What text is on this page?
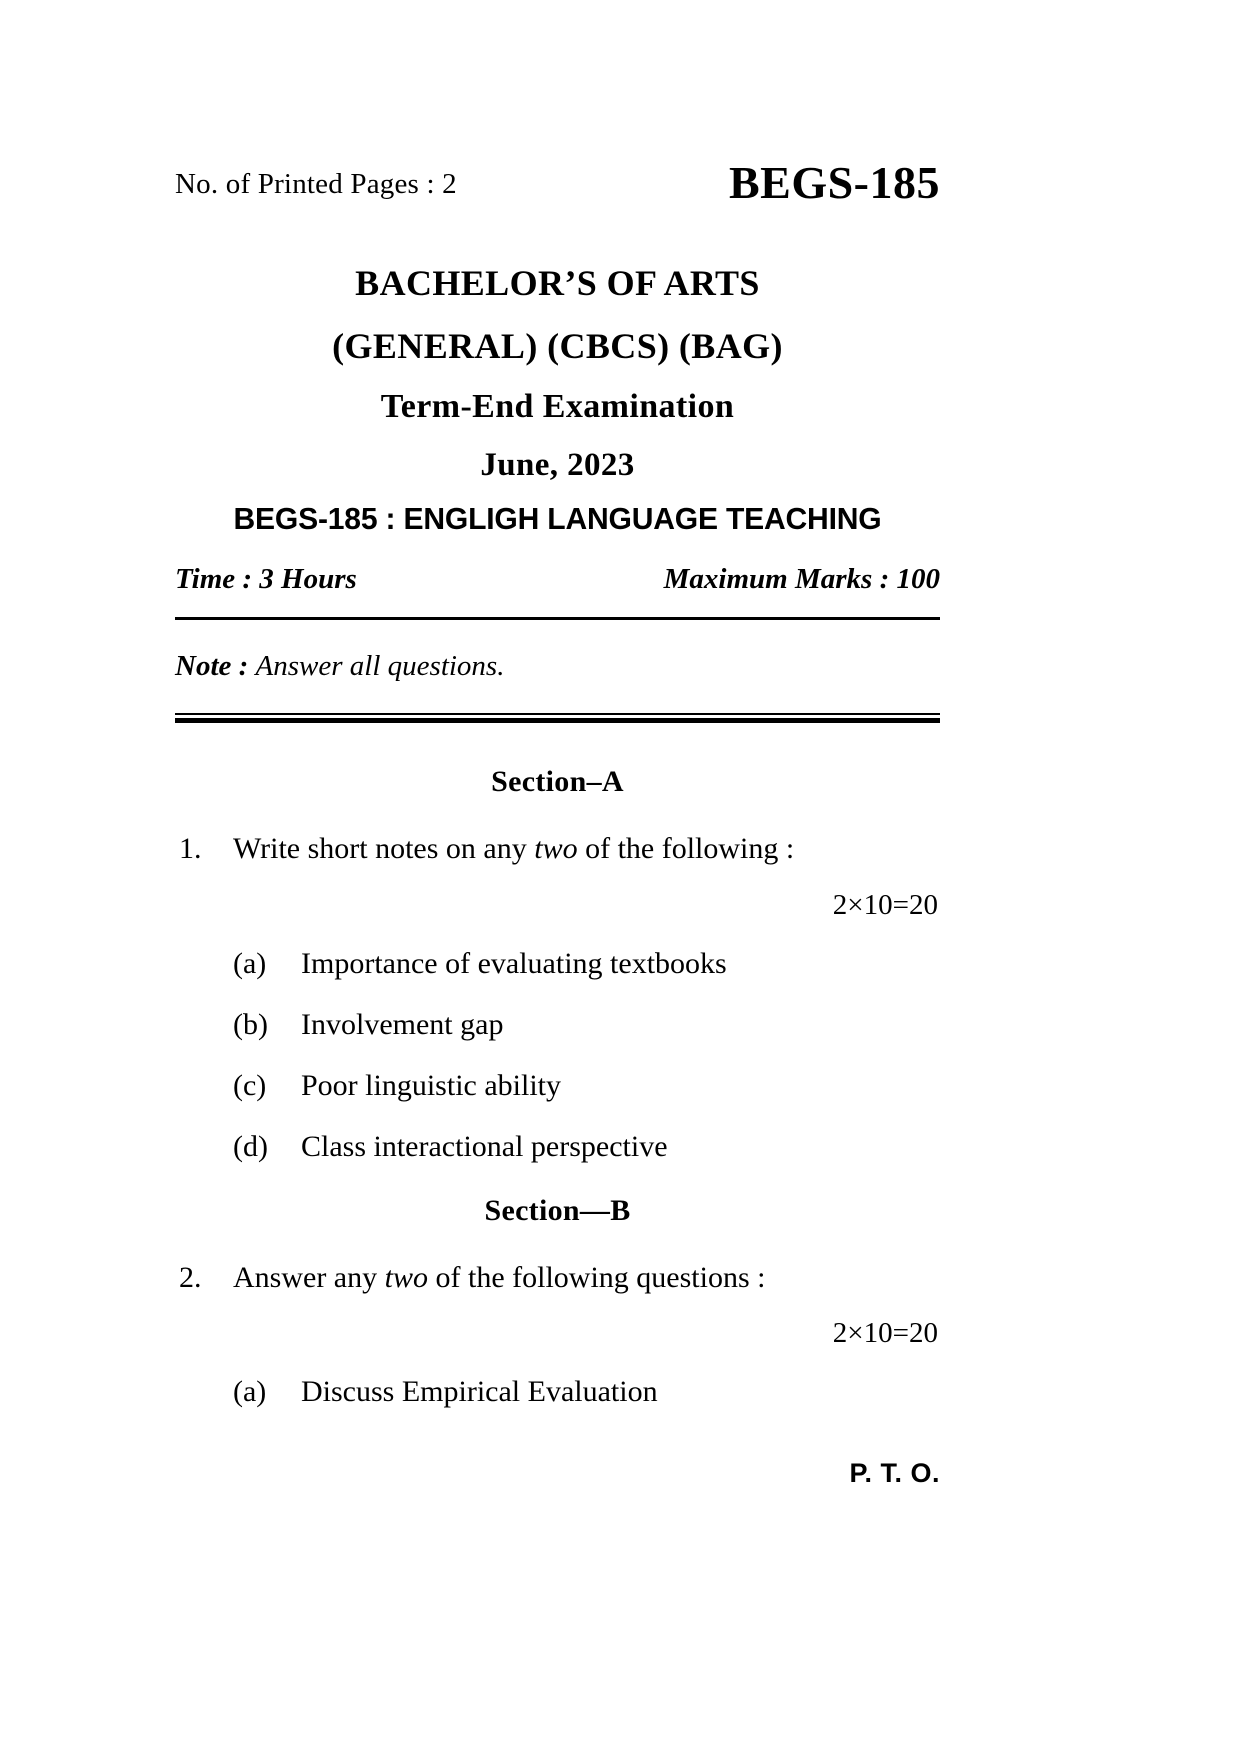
No. of Printed Pages : 2	BEGS-185
BACHELOR’S OF ARTS
(GENERAL) (CBCS) (BAG)
Term-End Examination
June, 2023
BEGS-185 : ENGLIGH LANGUAGE TEACHING
Time : 3 Hours	Maximum Marks : 100
Note : Answer all questions.
Section–A
1.	Write short notes on any two of the following :
2×10=20
(a)	Importance of evaluating textbooks
(b)	Involvement gap
(c)	Poor linguistic ability
(d)	Class interactional perspective
Section—B
2.	Answer any two of the following questions :
2×10=20
(a)	Discuss Empirical Evaluation
P. T. O.
